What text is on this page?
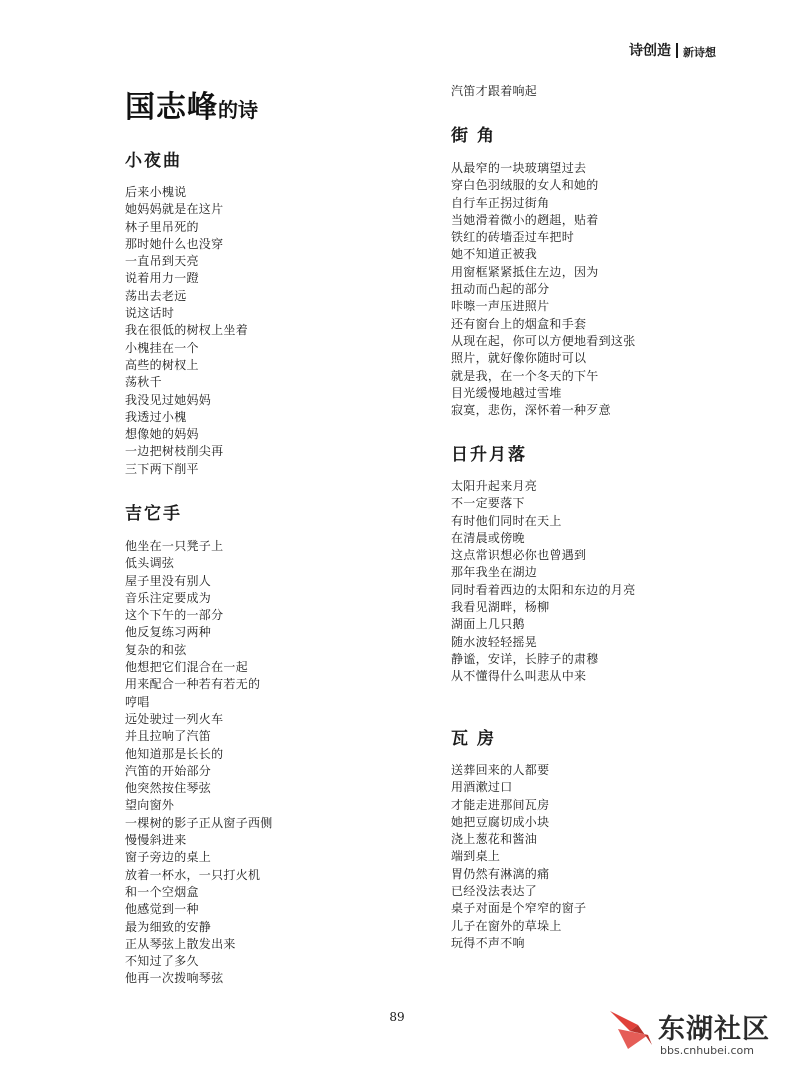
诗创造 新诗想
国志峰的诗
小夜曲
后来小槐说
她妈妈就是在这片
林子里吊死的
那时她什么也没穿
一直吊到天亮
说着用力一蹬
荡出去老远
说这话时
我在很低的树杈上坐着
小槐挂在一个
高些的树杈上
荡秋千
我没见过她妈妈
我透过小槐
想像她的妈妈
一边把树枝削尖再
三下两下削平
吉它手
他坐在一只凳子上
低头调弦
屋子里没有别人
音乐注定要成为
这个下午的一部分
他反复练习两种
复杂的和弦
他想把它们混合在一起
用来配合一种若有若无的
哼唱
远处驶过一列火车
并且拉响了汽笛
他知道那是长长的
汽笛的开始部分
他突然按住琴弦
望向窗外
一棵树的影子正从窗子西侧
慢慢斜进来
窗子旁边的桌上
放着一杯水，一只打火机
和一个空烟盒
他感觉到一种
最为细致的安静
正从琴弦上散发出来
不知过了多久
他再一次拨响琴弦
汽笛才跟着响起
街角
从最窄的一块玻璃望过去
穿白色羽绒服的女人和她的
自行车正拐过街角
当她滑着微小的趔趄，贴着
铁红的砖墙歪过车把时
她不知道正被我
用窗框紧紧抵住左边，因为
扭动而凸起的部分
咔嚓一声压进照片
还有窗台上的烟盒和手套
从现在起，你可以方便地看到这张
照片，就好像你随时可以
就是我，在一个冬天的下午
目光缓慢地越过雪堆
寂寞，悲伤，深怀着一种歹意
日升月落
太阳升起来月亮
不一定要落下
有时他们同时在天上
在清晨或傍晚
这点常识想必你也曾遇到
那年我坐在湖边
同时看着西边的太阳和东边的月亮
我看见湖畔，杨柳
湖面上几只鹅
随水波轻轻摇晃
静谧，安详，长脖子的肃穆
从不懂得什么叫悲从中来
瓦房
送葬回来的人都要
用酒漱过口
才能走进那间瓦房
她把豆腐切成小块
浇上葱花和酱油
端到桌上
胃仍然有淋漓的痛
已经没法表达了
桌子对面是个窄窄的窗子
儿子在窗外的草垛上
玩得不声不响
89	东湖社区
bbs.cnhubei.com
